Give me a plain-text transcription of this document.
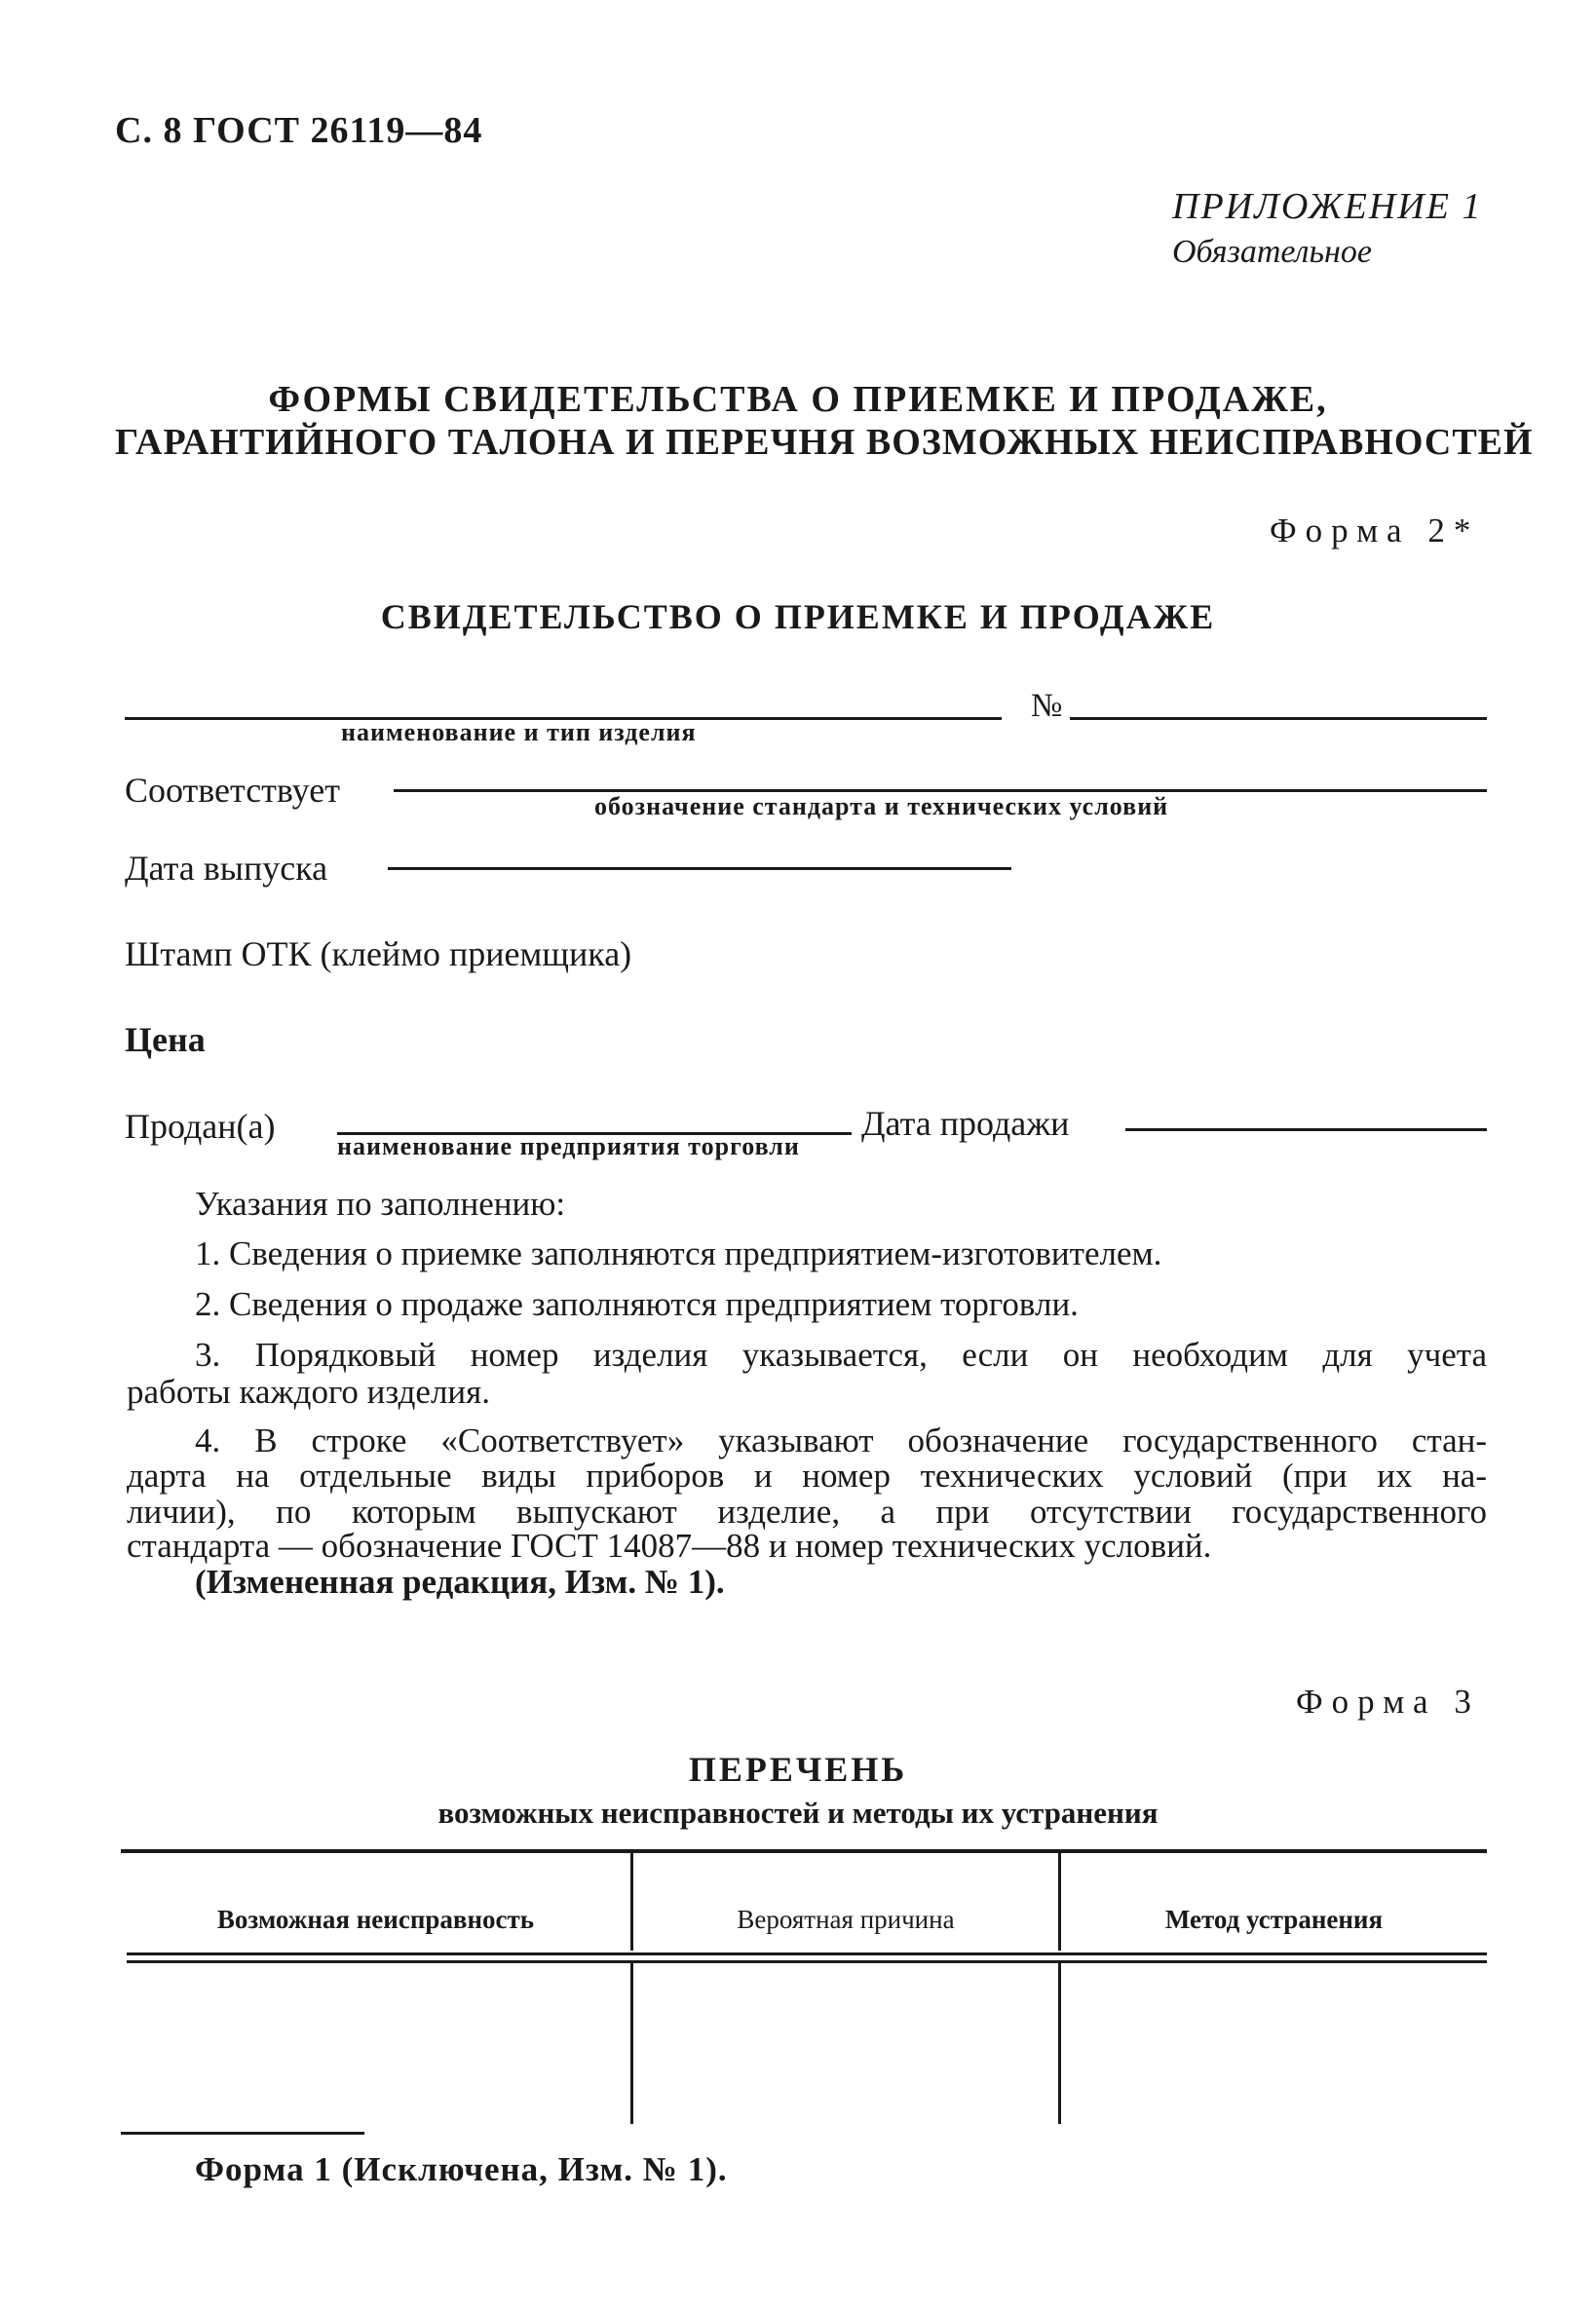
С. 8 ГОСТ 26119—84
ПРИЛОЖЕНИЕ 1
Обязательное
ФОРМЫ СВИДЕТЕЛЬСТВА О ПРИЕМКЕ И ПРОДАЖЕ,
ГАРАНТИЙНОГО ТАЛОНА И ПЕРЕЧНЯ ВОЗМОЖНЫХ НЕИСПРАВНОСТЕЙ
Форма 2*
СВИДЕТЕЛЬСТВО О ПРИЕМКЕ И ПРОДАЖЕ
№
наименование и тип изделия
Соответствует	обозначение стандарта и технических условий
Дата выпуска
Штамп ОТК (клеймо приемщика)
Цена
Продан(а)
наименование предприятия торговли
Дата продажи
Указания по заполнению:
1. Сведения о приемке заполняются предприятием-изготовителем.
2. Сведения о продаже заполняются предприятием торговли.
3. Порядковый номер изделия указывается, если он необходим для учета
работы каждого изделия.
4. В строке «Соответствует» указывают обозначение государственного стан-
дарта на отдельные виды приборов и номер технических условий (при их на-
личии), по которым выпускают изделие, а при отсутствии государственного
стандарта — обозначение ГОСТ 14087—88 и номер технических условий.
(Измененная редакция, Изм. № 1).
Форма 3
ПЕРЕЧЕНЬ
возможных неисправностей и методы их устранения
Возможная неисправность	Вероятная причина	Метод устранения
Форма 1 (Исключена, Изм. № 1).
